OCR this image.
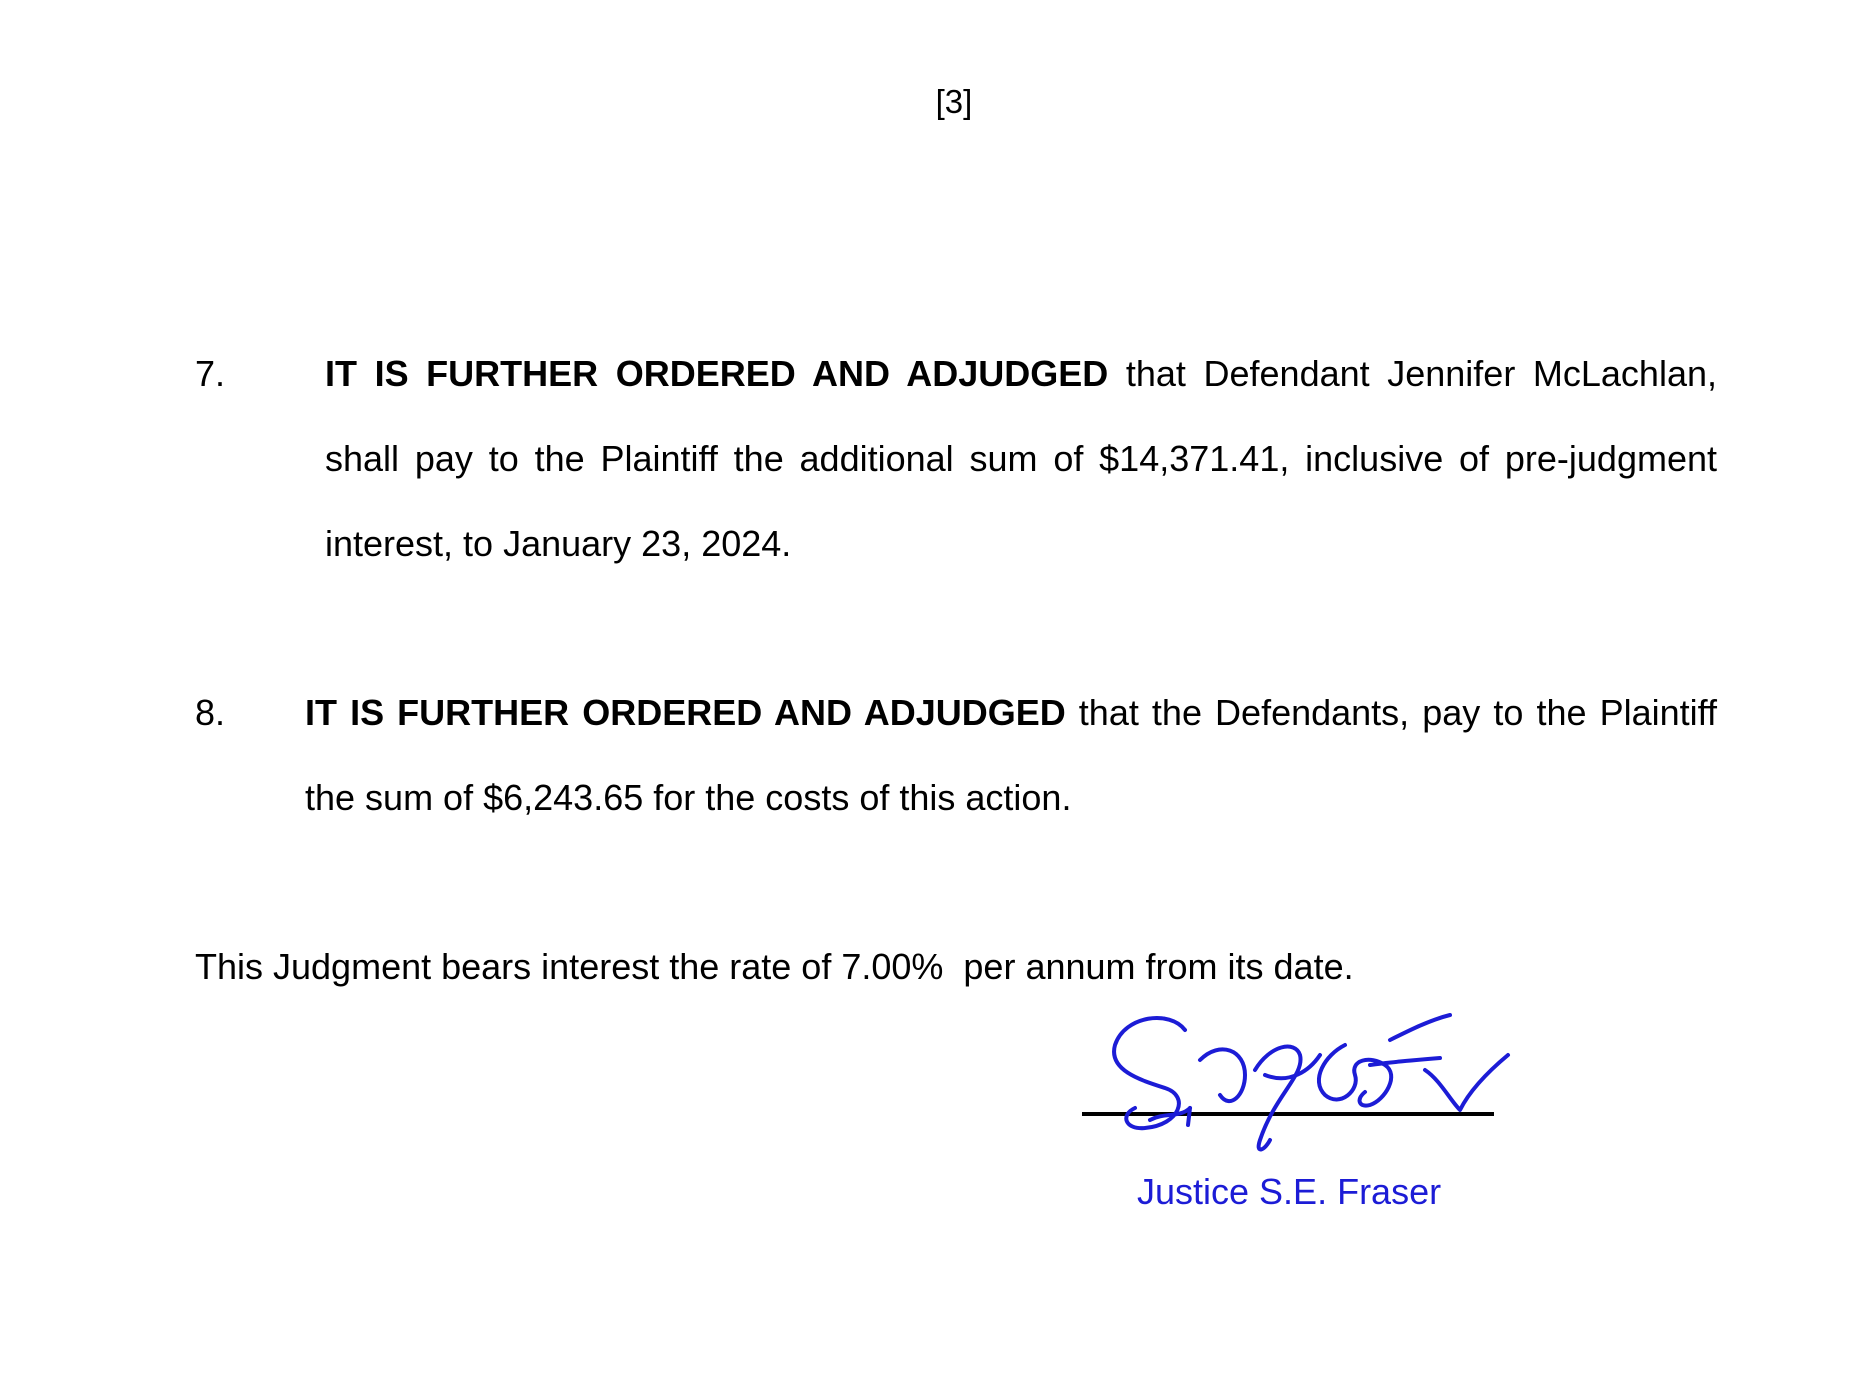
[3]
7.	IT IS FURTHER ORDERED AND ADJUDGED that Defendant Jennifer McLachlan,
shall pay to the Plaintiff the additional sum of $14,371.41, inclusive of pre-judgment
interest, to January 23, 2024.
8. IT IS FURTHER ORDERED AND ADJUDGED that the Defendants, pay to the Plaintiff
the sum of $6,243.65 for the costs of this action.
This Judgment bears interest the rate of 7.00%  per annum from its date.
Justice S.E. Fraser
